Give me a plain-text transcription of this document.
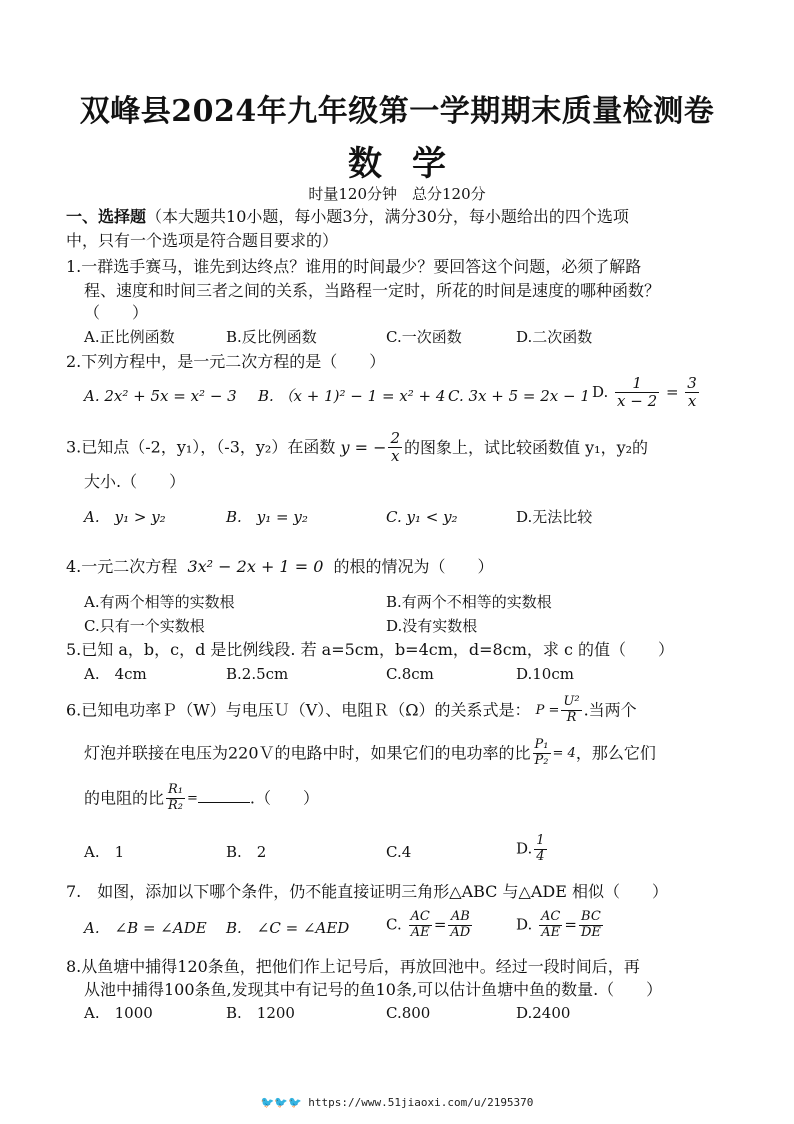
双峰县2024年九年级第一学期期末质量检测卷
数学
时量120分钟　总分120分
一、选择题（本大题共10小题，每小题3分，满分30分，每小题给出的四个选项
中，只有一个选项是符合题目要求的）
1.一群选手赛马，谁先到达终点？谁用的时间最少？要回答这个问题，必须了解路
程、速度和时间三者之间的关系，当路程一定时，所花的时间是速度的哪种函数？
（　　）
A.正比例函数	B.反比例函数	C.一次函数	D.二次函数
2.下列方程中，是一元二次方程的是（　　）
A. 2x² + 5x = x² − 3 B. （x + 1)² − 1 = x² + 4 C. 3x + 5 = 2x − 1 D. $\frac{1}{x - 2} = \frac{3}{x}$
3.已知点（-2，y₁），（-3，y₂）在函数 y = − $\frac{2}{x}$ 的图象上，试比较函数值 y₁，y₂的
大小.（　　）
A.　y₁ > y₂	B.　y₁ = y₂	C. y₁ < y₂	D.无法比较
4.一元二次方程 3x² − 2x + 1 = 0 的根的情况为（　　）
A.有两个相等的实数根	B.有两个不相等的实数根
C.只有一个实数根	D.没有实数根
5.已知 a，b，c，d 是比例线段. 若 a=5cm，b=4cm，d=8cm，求 c 的值（　　）
A.　4cm	B.2.5cm	C.8cm	D.10cm
6.已知电功率Ｐ（W）与电压Ｕ（V）、电阻Ｒ（Ω）的关系式是： $P = \frac{\text{U²}}{R}$ .当两个
灯泡并联接在电压为220Ｖ的电路中时，如果它们的电功率的比 $\frac{\text{P₁}}{\text{P₂}} = 4$，那么它们
的电阻的比 $\frac{\text{R₁}}{\text{R₂}}$ =	.（　　）
A.　1	B.　2	C.4	D. $\frac{1}{4}$
7.　如图，添加以下哪个条件，仍不能直接证明三角形△ABC 与△ADE 相似（　　）
A.　∠B = ∠ADE B.　∠C = ∠AED C. $\frac{AC}{AE} = \frac{AB}{AD}$	D. $\frac{AC}{AE} = \frac{BC}{DE}$
8.从鱼塘中捕得120条鱼，把他们作上记号后，再放回池中。经过一段时间后，再
从池中捕得100条鱼,发现其中有记号的鱼10条,可以估计鱼塘中鱼的数量.（　　）
A.　1000	B.　1200	C.800	D.2400
🐦🐦🐦 https://www.51jiaoxi.com/u/2195370
